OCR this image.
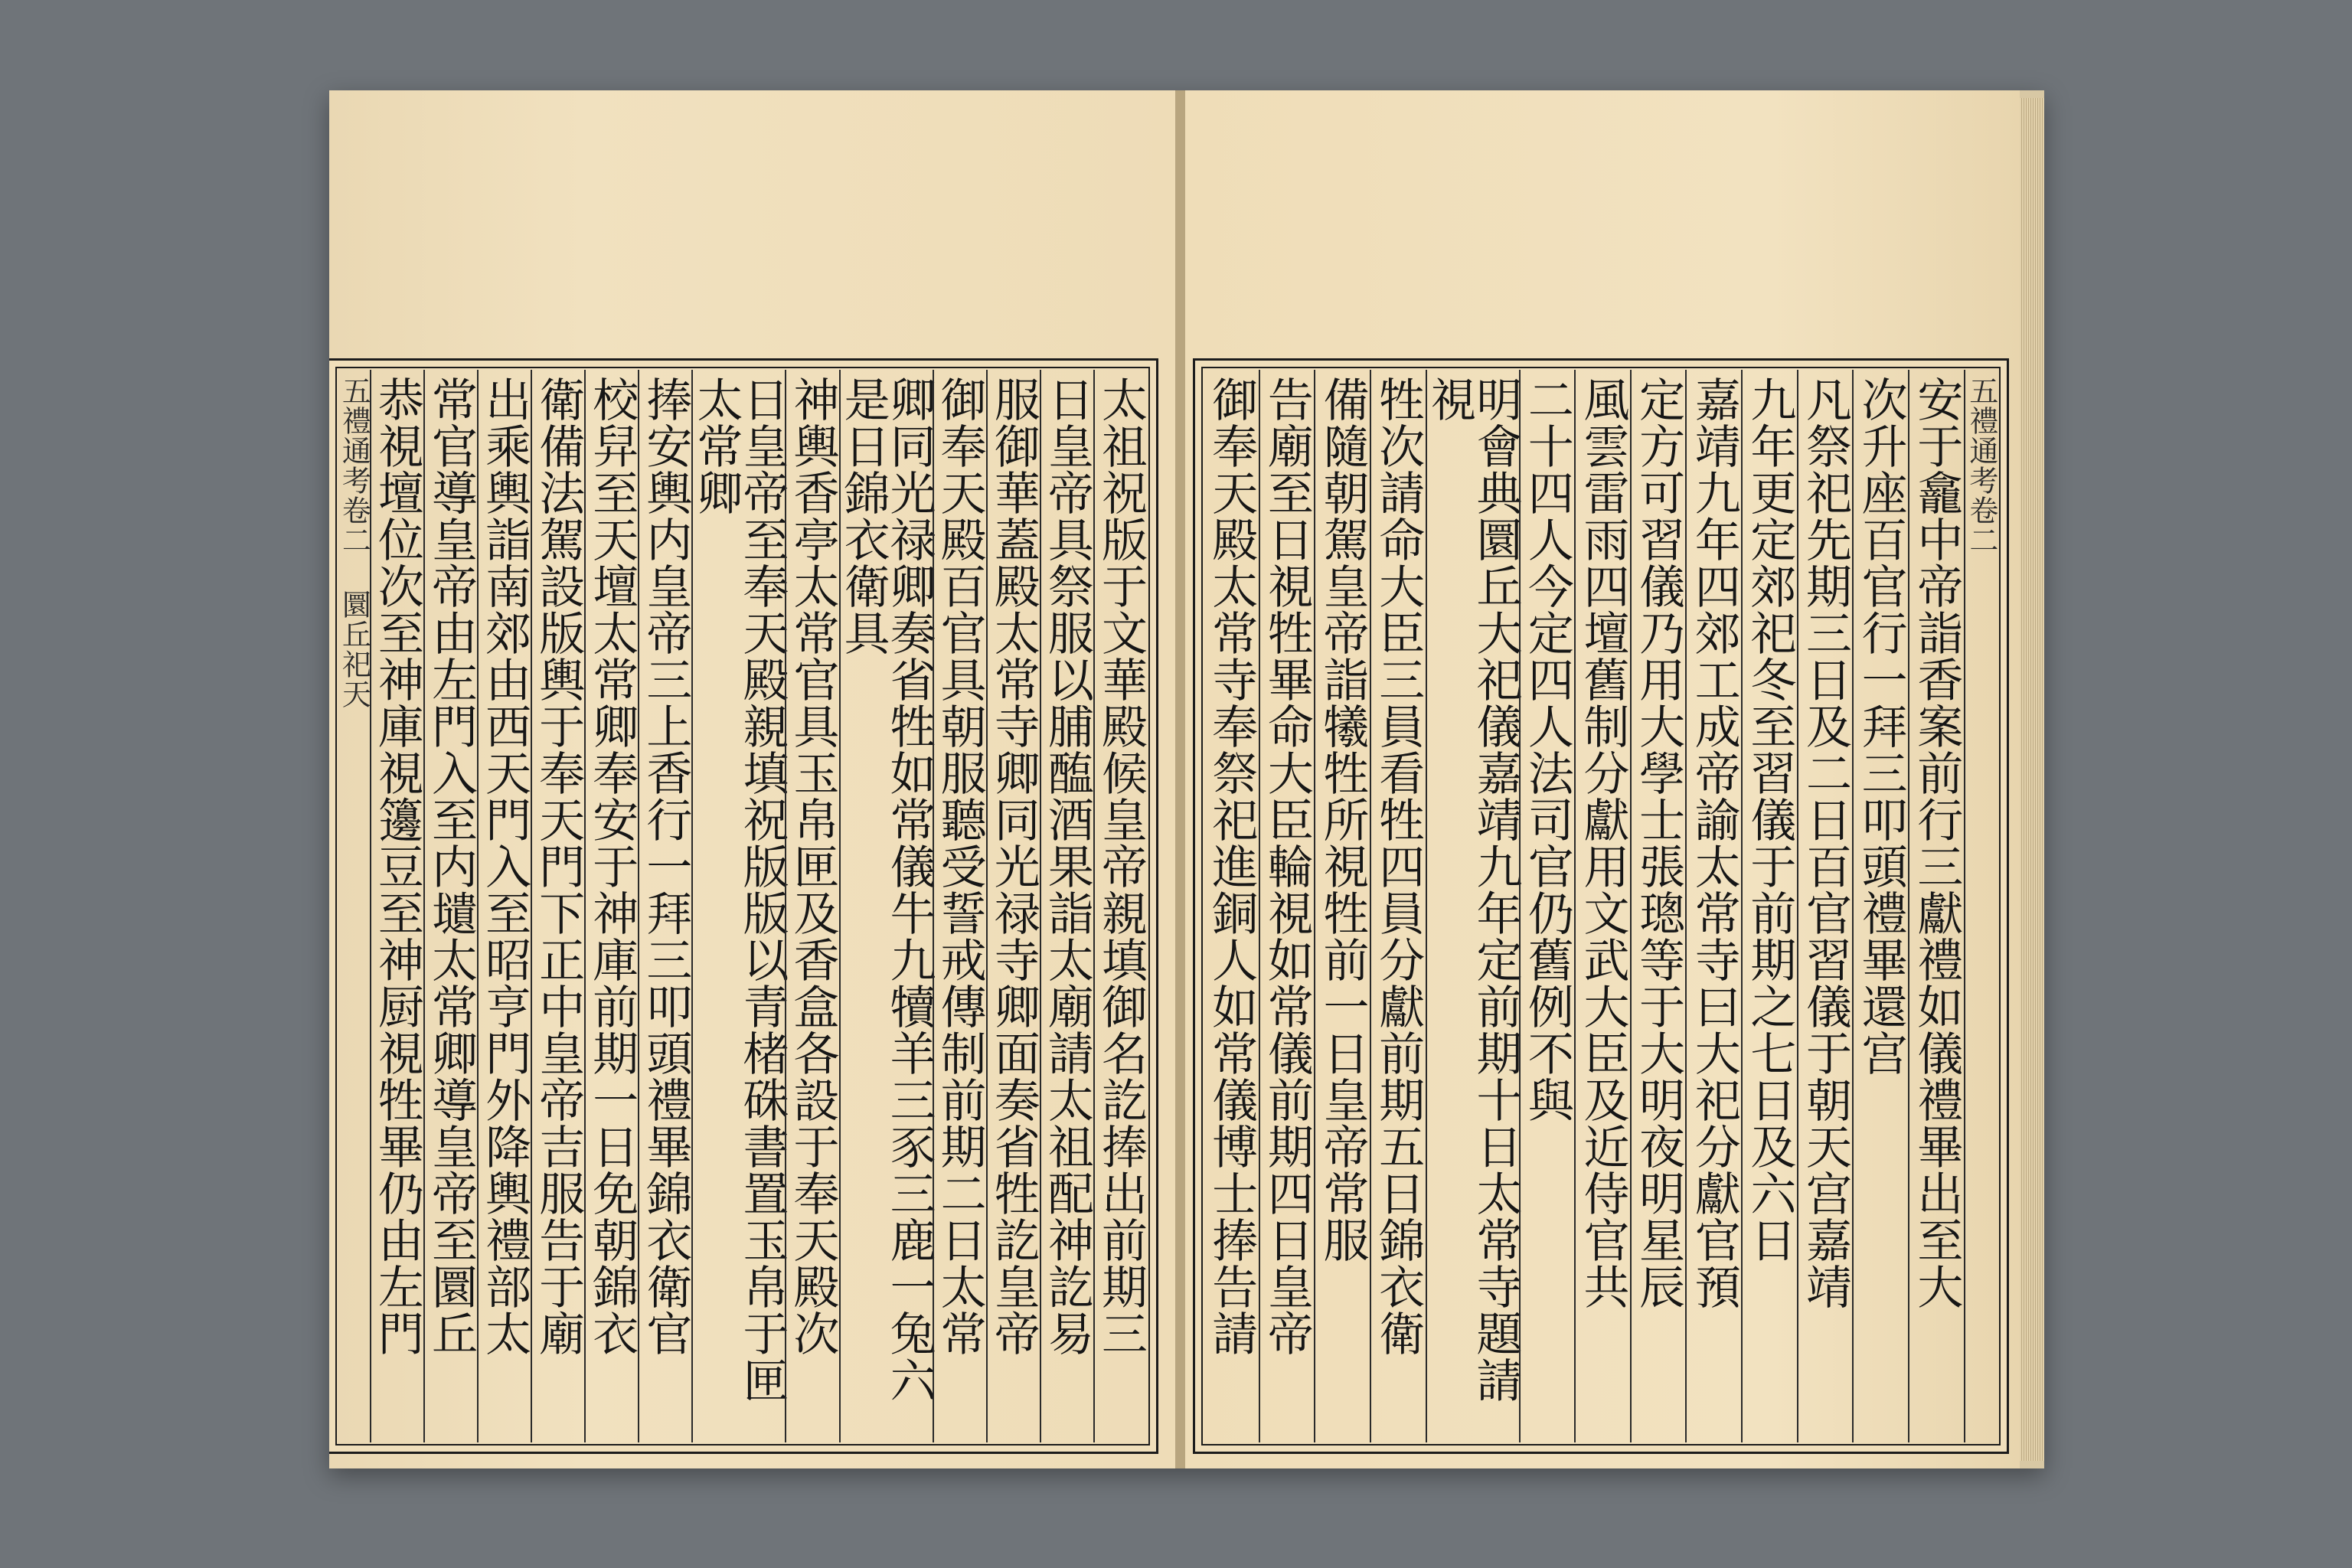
太祖祝版于文華殿候皇帝親填御名訖捧出前期三
日皇帝具祭服以脯醢酒果詣太廟請太祖配神訖易
服御華蓋殿太常寺卿同光禄寺卿面奏省牲訖皇帝
御奉天殿百官具朝服聽受誓戒傳制前期二日太常
卿同光禄卿奏省牲如常儀牛九犢羊三豕三鹿一兔六是日錦衣衛具
神輿香亭太常官具玉帛匣及香盒各設于奉天殿次
日皇帝至奉天殿親填祝版版以青楮硃書置玉帛于匣太常卿
捧安輿内皇帝三上香行一拜三叩頭禮畢錦衣衛官
校舁至天壇太常卿奉安于神庫前期一日免朝錦衣
衛備法駕設版輿于奉天門下正中皇帝吉服告于廟
出乘輿詣南郊由西天門入至昭亨門外降輿禮部太
常官導皇帝由左門入至内壝太常卿導皇帝至圜丘
恭視壇位次至神庫視籩豆至神厨視牲畢仍由左門
五禮通考卷二 圜丘祀天	五禮通考卷二
安于龕中帝詣香案前行三獻禮如儀禮畢出至大
次升座百官行一拜三叩頭禮畢還宫
凡祭祀先期三日及二日百官習儀于朝天宫嘉靖
九年更定郊祀冬至習儀于前期之七日及六日
嘉靖九年四郊工成帝諭太常寺曰大祀分獻官預
定方可習儀乃用大學士張璁等于大明夜明星辰
風雲雷雨四壇舊制分獻用文武大臣及近侍官共
二十四人今定四人法司官仍舊例不與
明會典圜丘大祀儀嘉靖九年定前期十日太常寺題請視
牲次請命大臣三員看牲四員分獻前期五日錦衣衛
備隨朝駕皇帝詣犧牲所視牲前一日皇帝常服
告廟至日視牲畢命大臣輪視如常儀前期四日皇帝
御奉天殿太常寺奉祭祀進銅人如常儀博士捧告請
